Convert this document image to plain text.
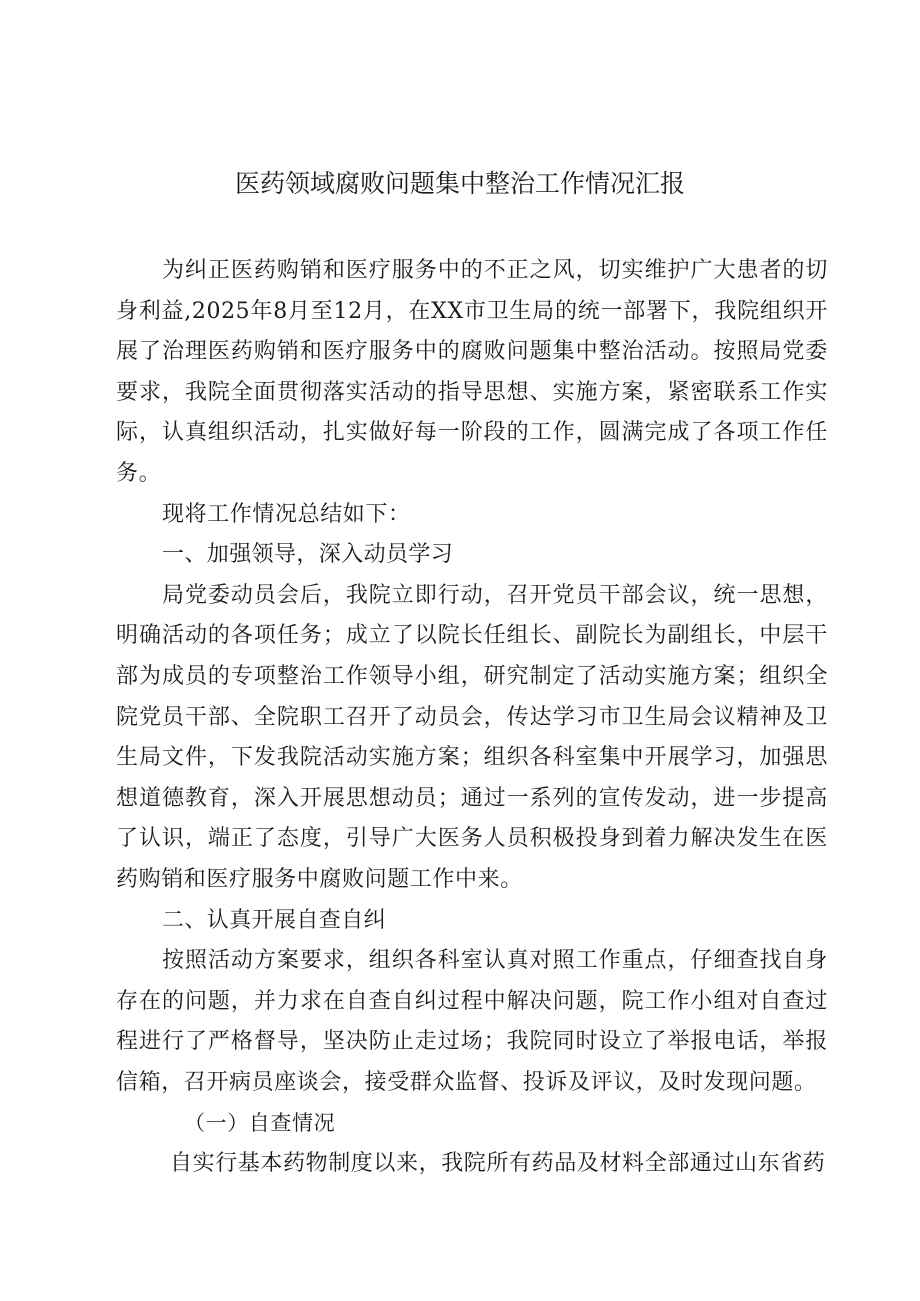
医药领域腐败问题集中整治工作情况汇报

为纠正医药购销和医疗服务中的不正之风，切实维护广大患者的切身利益,2025年8月至12月，在XX市卫生局的统一部署下，我院组织开展了治理医药购销和医疗服务中的腐败问题集中整治活动。按照局党委要求，我院全面贯彻落实活动的指导思想、实施方案，紧密联系工作实际，认真组织活动，扎实做好每一阶段的工作，圆满完成了各项工作任务。

现将工作情况总结如下：

一、加强领导，深入动员学习

局党委动员会后，我院立即行动，召开党员干部会议，统一思想，明确活动的各项任务；成立了以院长任组长、副院长为副组长，中层干部为成员的专项整治工作领导小组，研究制定了活动实施方案；组织全院党员干部、全院职工召开了动员会，传达学习市卫生局会议精神及卫生局文件，下发我院活动实施方案；组织各科室集中开展学习，加强思想道德教育，深入开展思想动员；通过一系列的宣传发动，进一步提高了认识，端正了态度，引导广大医务人员积极投身到着力解决发生在医药购销和医疗服务中腐败问题工作中来。

二、认真开展自查自纠

按照活动方案要求，组织各科室认真对照工作重点，仔细查找自身存在的问题，并力求在自查自纠过程中解决问题，院工作小组对自查过程进行了严格督导，坚决防止走过场；我院同时设立了举报电话，举报信箱，召开病员座谈会，接受群众监督、投诉及评议，及时发现问题。

（一）自查情况

自实行基本药物制度以来，我院所有药品及材料全部通过山东省药
